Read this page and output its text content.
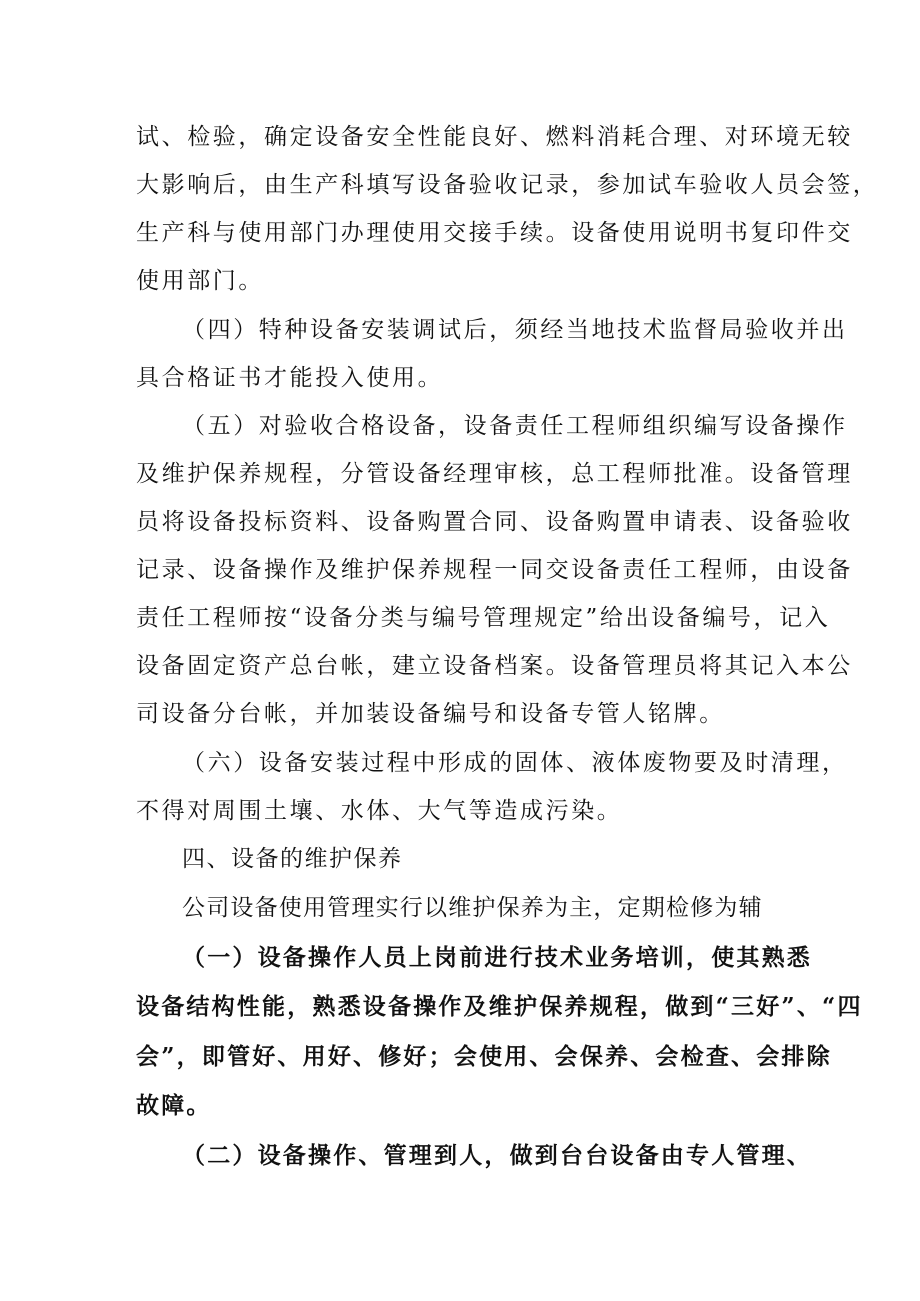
试、检验，确定设备安全性能良好、燃料消耗合理、对环境无较
大影响后，由生产科填写设备验收记录，参加试车验收人员会签，
生产科与使用部门办理使用交接手续。设备使用说明书复印件交
使用部门。
（四）特种设备安装调试后，须经当地技术监督局验收并出
具合格证书才能投入使用。
（五）对验收合格设备，设备责任工程师组织编写设备操作
及维护保养规程，分管设备经理审核，总工程师批准。设备管理
员将设备投标资料、设备购置合同、设备购置申请表、设备验收
记录、设备操作及维护保养规程一同交设备责任工程师，由设备
责任工程师按“设备分类与编号管理规定”给出设备编号，记入
设备固定资产总台帐，建立设备档案。设备管理员将其记入本公
司设备分台帐，并加装设备编号和设备专管人铭牌。
（六）设备安装过程中形成的固体、液体废物要及时清理，
不得对周围土壤、水体、大气等造成污染。
四、设备的维护保养
公司设备使用管理实行以维护保养为主，定期检修为辅
（一）设备操作人员上岗前进行技术业务培训，使其熟悉
设备结构性能，熟悉设备操作及维护保养规程，做到“三好”、“四
会”，即管好、用好、修好；会使用、会保养、会检查、会排除
故障。
（二）设备操作、管理到人，做到台台设备由专人管理、
